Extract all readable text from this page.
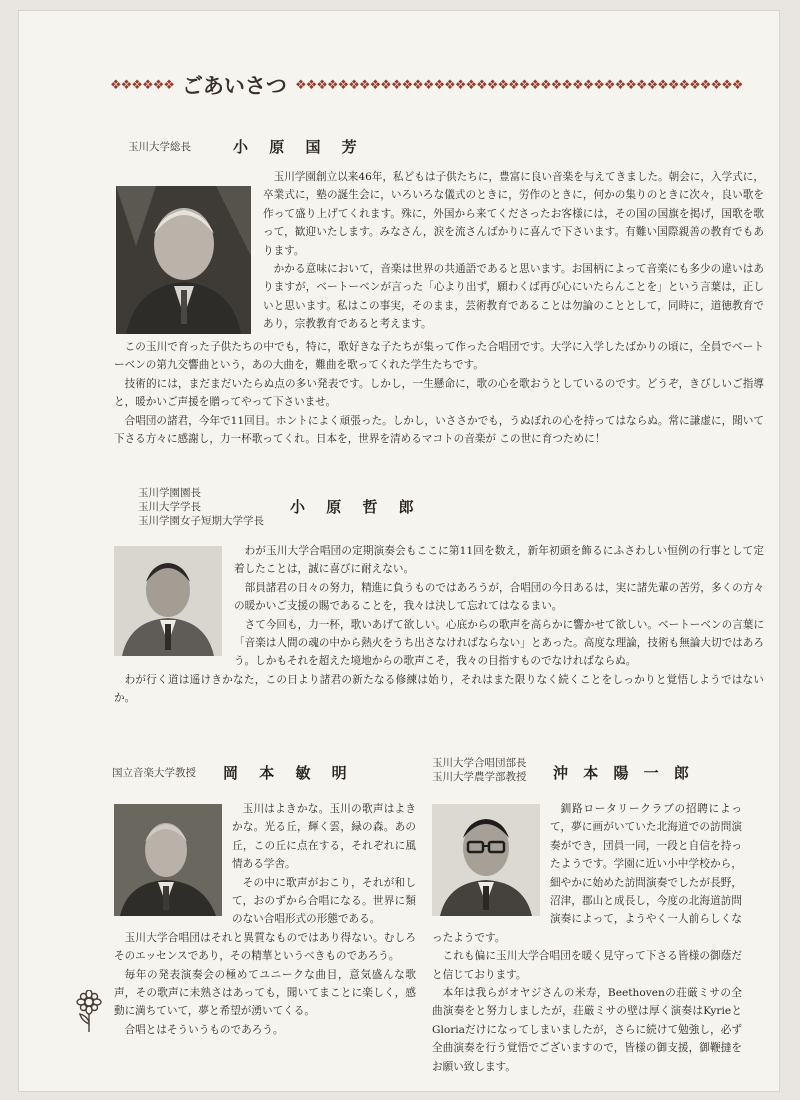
❖❖❖❖❖❖ ごあいさつ ❖❖❖❖❖❖❖❖❖❖❖❖❖❖❖❖❖❖❖❖❖❖❖❖❖❖❖❖❖❖❖❖❖❖❖❖❖❖❖❖❖❖
玉川大学総長	小 原 国 芳

玉川学園創立以来46年，私どもは子供たちに，豊富に良い音楽を与えてきました。朝会に，入学式に，卒業式に，塾の誕生会に，いろいろな儀式のときに，労作のときに，何かの集りのときに次々，良い歌を作って盛り上げてくれます。殊に，外国から来てくださったお客様には，その国の国旗を掲げ，国歌を歌って，歓迎いたします。みなさん，涙を流さんばかりに喜んで下さいます。有難い国際親善の教育でもあります。

かかる意味において，音楽は世界の共通語であると思います。お国柄によって音楽にも多少の違いはありますが，ベートーベンが言った「心より出ず，願わくば再び心にいたらんことを」という言葉は，正しいと思います。私はこの事実，そのまま，芸術教育であることは勿論のこととして，同時に，道徳教育であり，宗教教育であると考えます。

この玉川で育った子供たちの中でも，特に，歌好きな子たちが集って作った合唱団です。大学に入学したばかりの頃に，全員でベートーベンの第九交響曲という，あの大曲を，難曲を歌ってくれた学生たちです。

技術的には，まだまだいたらぬ点の多い発表です。しかし，一生懸命に，歌の心を歌おうとしているのです。どうぞ，きびしいご指導と，暖かいご声援を贈ってやって下さいませ。

合唱団の諸君，今年で11回目。ホントによく頑張った。しかし，いささかでも，うぬぼれの心を持ってはならぬ。常に謙虚に，聞いて下さる方々に感謝し，力一杯歌ってくれ。日本を，世界を清めるマコトの音楽が この世に育つために！

玉川学園園長
玉川大学学長
玉川学園女子短期大学学長
小 原 哲 郎

わが玉川大学合唱団の定期演奏会もここに第11回を数え，新年初頭を飾るにふさわしい恒例の行事として定着したことは，誠に喜びに耐えない。

部員諸君の日々の努力，精進に負うものではあろうが，合唱団の今日あるは，実に諸先輩の苦労，多くの方々の暖かいご支援の賜であることを，我々は決して忘れてはなるまい。

さて今回も，力一杯，歌いあげて欲しい。心底からの歌声を高らかに響かせて欲しい。ベートーベンの言葉に「音楽は人間の魂の中から熱火をうち出さなければならない」とあった。高度な理論，技術も無論大切ではあろう。しかもそれを超えた境地からの歌声こそ，我々の目指すものでなければならぬ。

わが行く道は遥けきかなた，この日より諸君の新たなる修練は始り，それはまた限りなく続くことをしっかりと覚悟しようではないか。

国立音楽大学教授 岡 本 敏 明

玉川はよきかな。玉川の歌声はよきかな。光る丘，輝く雲，緑の森。あの丘，この丘に点在する，それぞれに風情ある学舎。

その中に歌声がおこり，それが和して，おのずから合唱になる。世界に類のない合唱形式の形態である。

玉川大学合唱団はそれと異質なものではあり得ない。むしろそのエッセンスであり，その精華というべきものであろう。

毎年の発表演奏会の極めてユニークな曲目，意気盛んな歌声，その歌声に未熟さはあっても，聞いてまことに楽しく，感動に満ちていて，夢と希望が湧いてくる。

合唱とはそういうものであろう。

玉川大学合唱団部長
玉川大学農学部教授 沖 本 陽 一 郎

釧路ロータリークラブの招聘によって，夢に画がいていた北海道での訪問演奏ができ，団員一同，一段と自信を持ったようです。学園に近い小中学校から，細やかに始めた訪問演奏でしたが長野，沼津，郡山と成長し，今度の北海道訪問演奏によって，ようやく一人前らしくなったようです。

これも偏に玉川大学合唱団を暖く見守って下さる皆様の御蔭だと信じております。

本年は我らがオヤジさんの米寿，Beethovenの荘厳ミサの全曲演奏をと努力しましたが，荘厳ミサの壁は厚く演奏はKyrieとGloriaだけになってしまいましたが，さらに続けて勉強し，必ず全曲演奏を行う覚悟でございますので，皆様の御支援，御鞭撻をお願い致します。
